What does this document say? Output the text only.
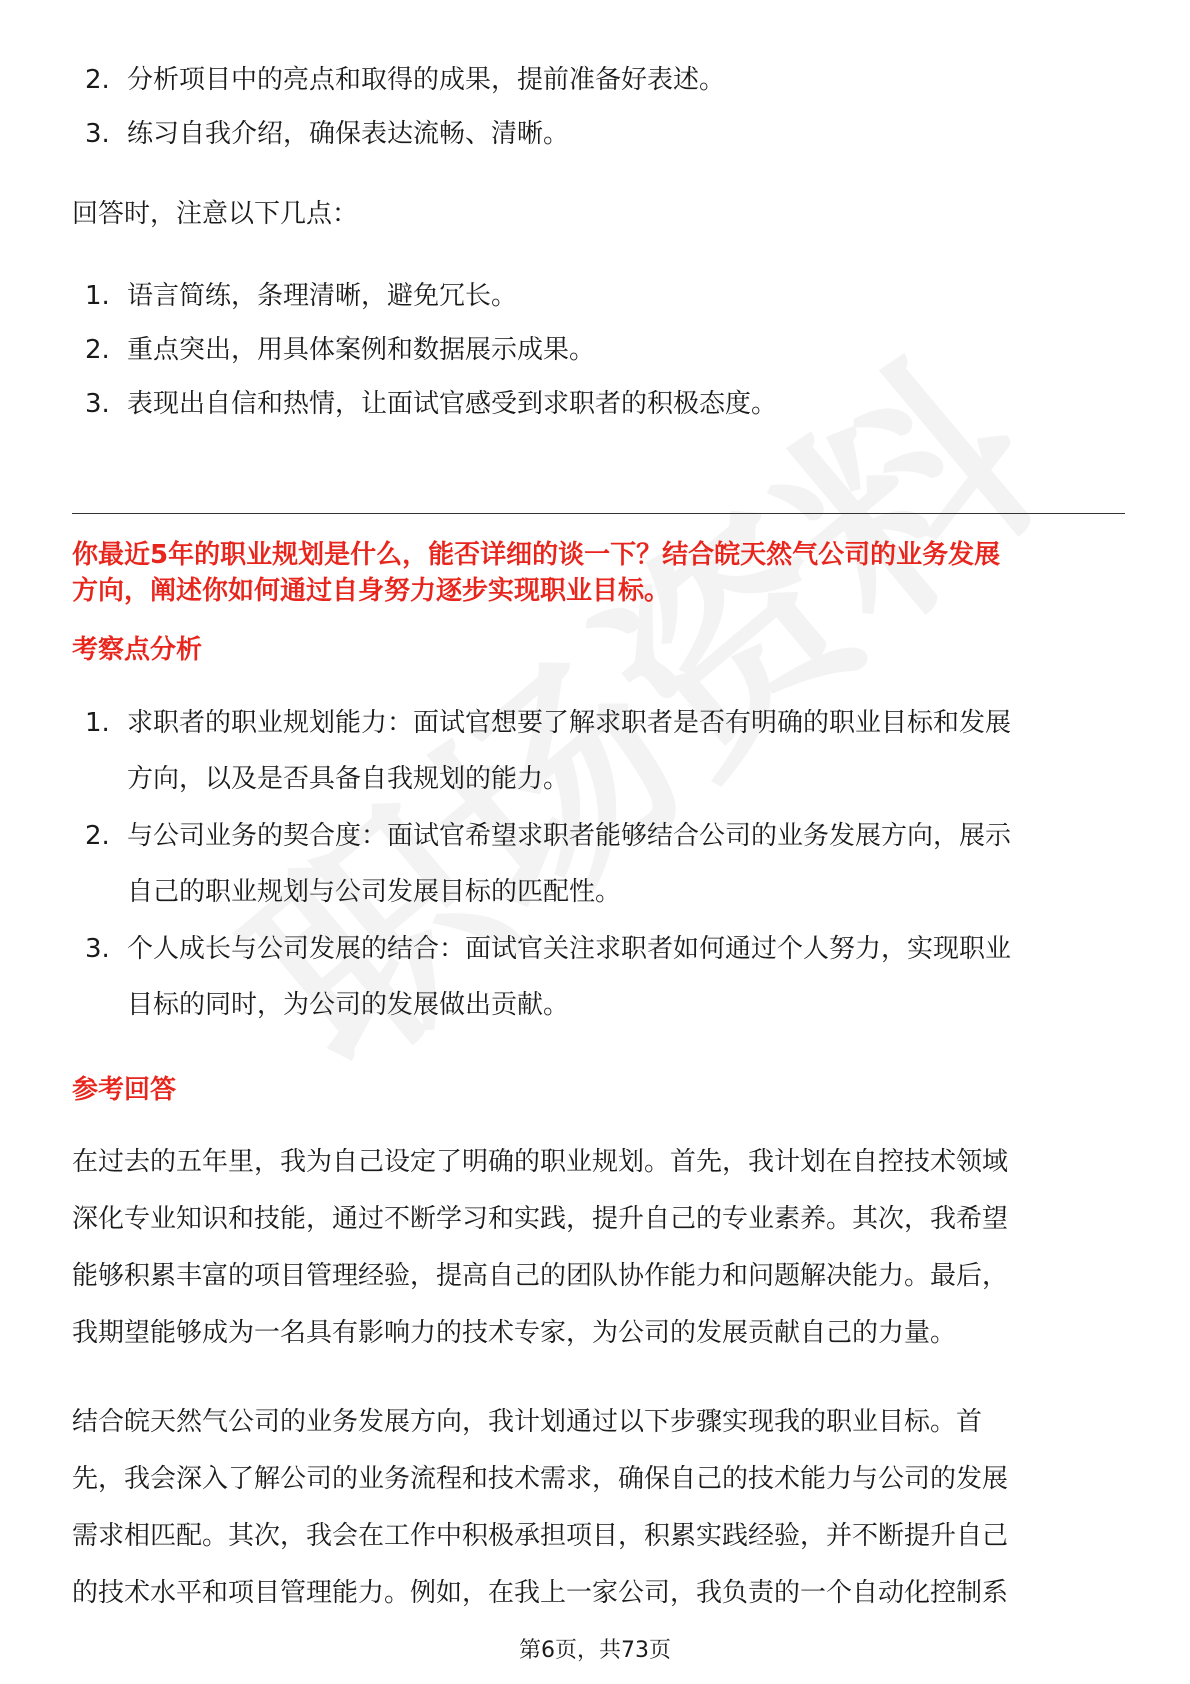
2. 分析项目中的亮点和取得的成果，提前准备好表述。
3. 练习自我介绍，确保表达流畅、清晰。
回答时，注意以下几点：
1. 语言简练，条理清晰，避免冗长。
2. 重点突出，用具体案例和数据展示成果。
3. 表现出自信和热情，让面试官感受到求职者的积极态度。
你最近5年的职业规划是什么，能否详细的谈一下？结合皖天然气公司的业务发展
方向，阐述你如何通过自身努力逐步实现职业目标。
考察点分析
1. 求职者的职业规划能力：面试官想要了解求职者是否有明确的职业目标和发展
方向，以及是否具备自我规划的能力。
2. 与公司业务的契合度：面试官希望求职者能够结合公司的业务发展方向，展示
自己的职业规划与公司发展目标的匹配性。
3. 个人成长与公司发展的结合：面试官关注求职者如何通过个人努力，实现职业
目标的同时，为公司的发展做出贡献。
参考回答
在过去的五年里，我为自己设定了明确的职业规划。首先，我计划在自控技术领域
深化专业知识和技能，通过不断学习和实践，提升自己的专业素养。其次，我希望
能够积累丰富的项目管理经验，提高自己的团队协作能力和问题解决能力。最后，
我期望能够成为一名具有影响力的技术专家，为公司的发展贡献自己的力量。
结合皖天然气公司的业务发展方向，我计划通过以下步骤实现我的职业目标。首
先，我会深入了解公司的业务流程和技术需求，确保自己的技术能力与公司的发展
需求相匹配。其次，我会在工作中积极承担项目，积累实践经验，并不断提升自己
的技术水平和项目管理能力。例如，在我上一家公司，我负责的一个自动化控制系
第6页，共73页
